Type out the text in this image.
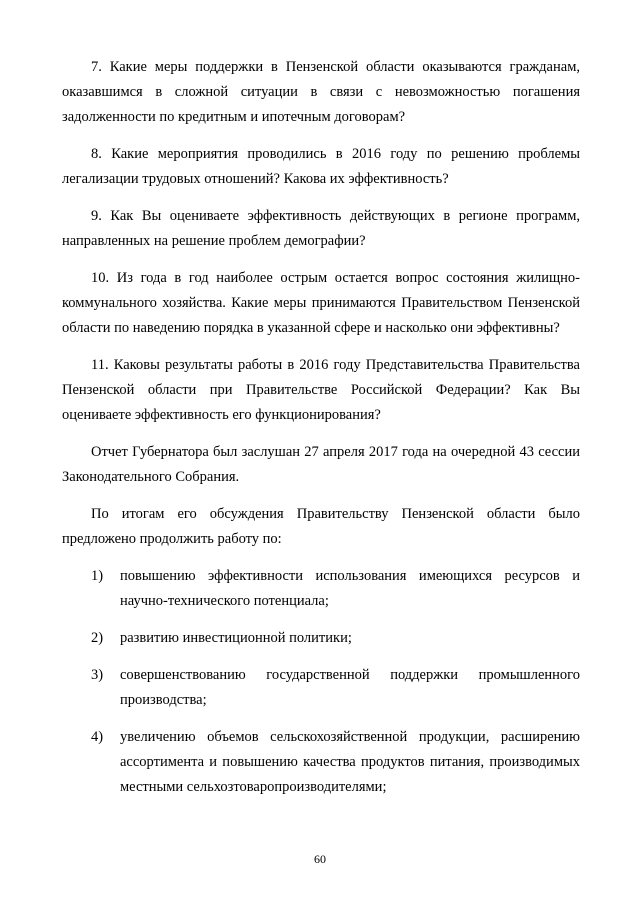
7. Какие меры поддержки в Пензенской области оказываются гражданам, оказавшимся в сложной ситуации в связи с невозможностью погашения задолженности по кредитным и ипотечным договорам?

8. Какие мероприятия проводились в 2016 году по решению проблемы легализации трудовых отношений? Какова их эффективность?

9. Как Вы оцениваете эффективность действующих в регионе программ, направленных на решение проблем демографии?

10. Из года в год наиболее острым остается вопрос состояния жилищно-коммунального хозяйства. Какие меры принимаются Правительством Пензенской области по наведению порядка в указанной сфере и насколько они эффективны?

11. Каковы результаты работы в 2016 году Представительства Правительства Пензенской области при Правительстве Российской Федерации? Как Вы оцениваете эффективность его функционирования?

Отчет Губернатора был заслушан 27 апреля 2017 года на очередной 43 сессии Законодательного Собрания.

По итогам его обсуждения Правительству Пензенской области было предложено продолжить работу по:

1) повышению эффективности использования имеющихся ресурсов и научно-технического потенциала;
2) развитию инвестиционной политики;
3) совершенствованию государственной поддержки промышленного производства;
4) увеличению объемов сельскохозяйственной продукции, расширению ассортимента и повышению качества продуктов питания, производимых местными сельхозтоваропроизводителями;
60
